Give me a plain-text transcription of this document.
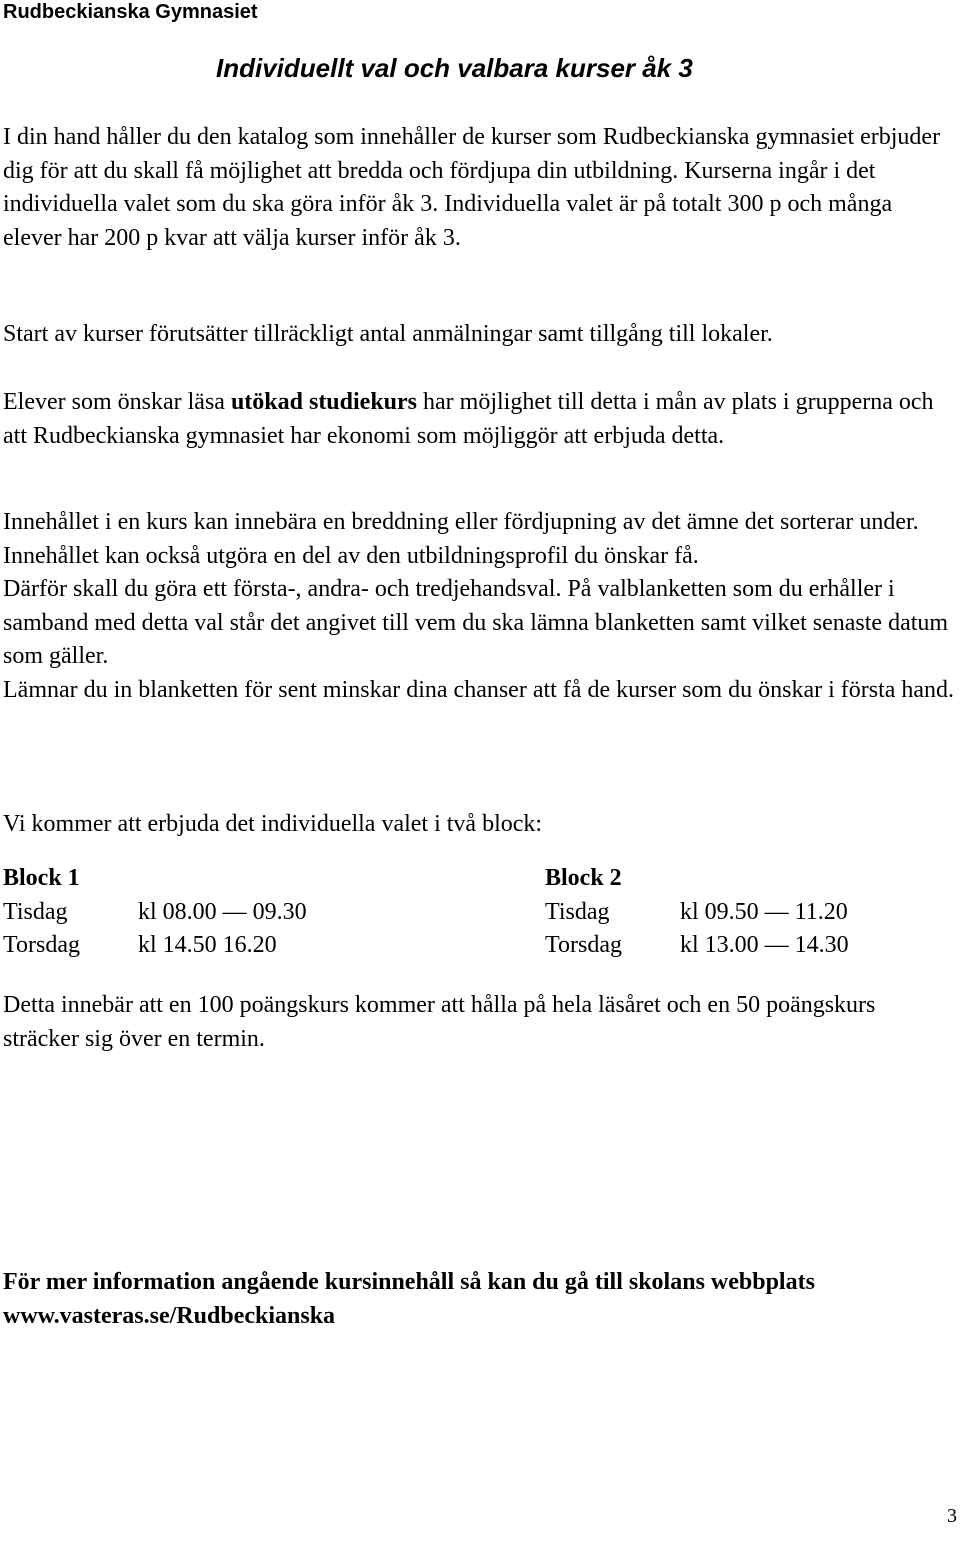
Rudbeckianska Gymnasiet

Individuellt val och valbara kurser åk 3

I din hand håller du den katalog som innehåller de kurser som Rudbeckianska gymnasiet erbjuder dig för att du skall få möjlighet att bredda och fördjupa din utbildning. Kurserna ingår i det individuella valet som du ska göra inför åk 3. Individuella valet är på totalt 300 p och många elever har 200 p kvar att välja kurser inför åk 3.

Start av kurser förutsätter tillräckligt antal anmälningar samt tillgång till lokaler.

Elever som önskar läsa utökad studiekurs har möjlighet till detta i mån av plats i grupperna och att Rudbeckianska gymnasiet har ekonomi som möjliggör att erbjuda detta.

Innehållet i en kurs kan innebära en breddning eller fördjupning av det ämne det sorterar under. Innehållet kan också utgöra en del av den utbildningsprofil du önskar få.

Därför skall du göra ett första-, andra- och tredjehandsval. På valblanketten som du erhåller i samband med detta val står det angivet till vem du ska lämna blanketten samt vilket senaste datum som gäller.

Lämnar du in blanketten för sent minskar dina chanser att få de kurser som du önskar i första hand.

Vi kommer att erbjuda det individuella valet i två block:

Block 1

Tisdag	kl 08.00 — 09.30

Torsdag	kl 14.50 16.20

Block 2

Tisdag	kl 09.50 — 11.20

Torsdag	kl 13.00 — 14.30

Detta innebär att en 100 poängskurs kommer att hålla på hela läsåret och en 50 poängskurs sträcker sig över en termin.

För mer information angående kursinnehåll så kan du gå till skolans webbplats www.vasteras.se/Rudbeckianska

3
